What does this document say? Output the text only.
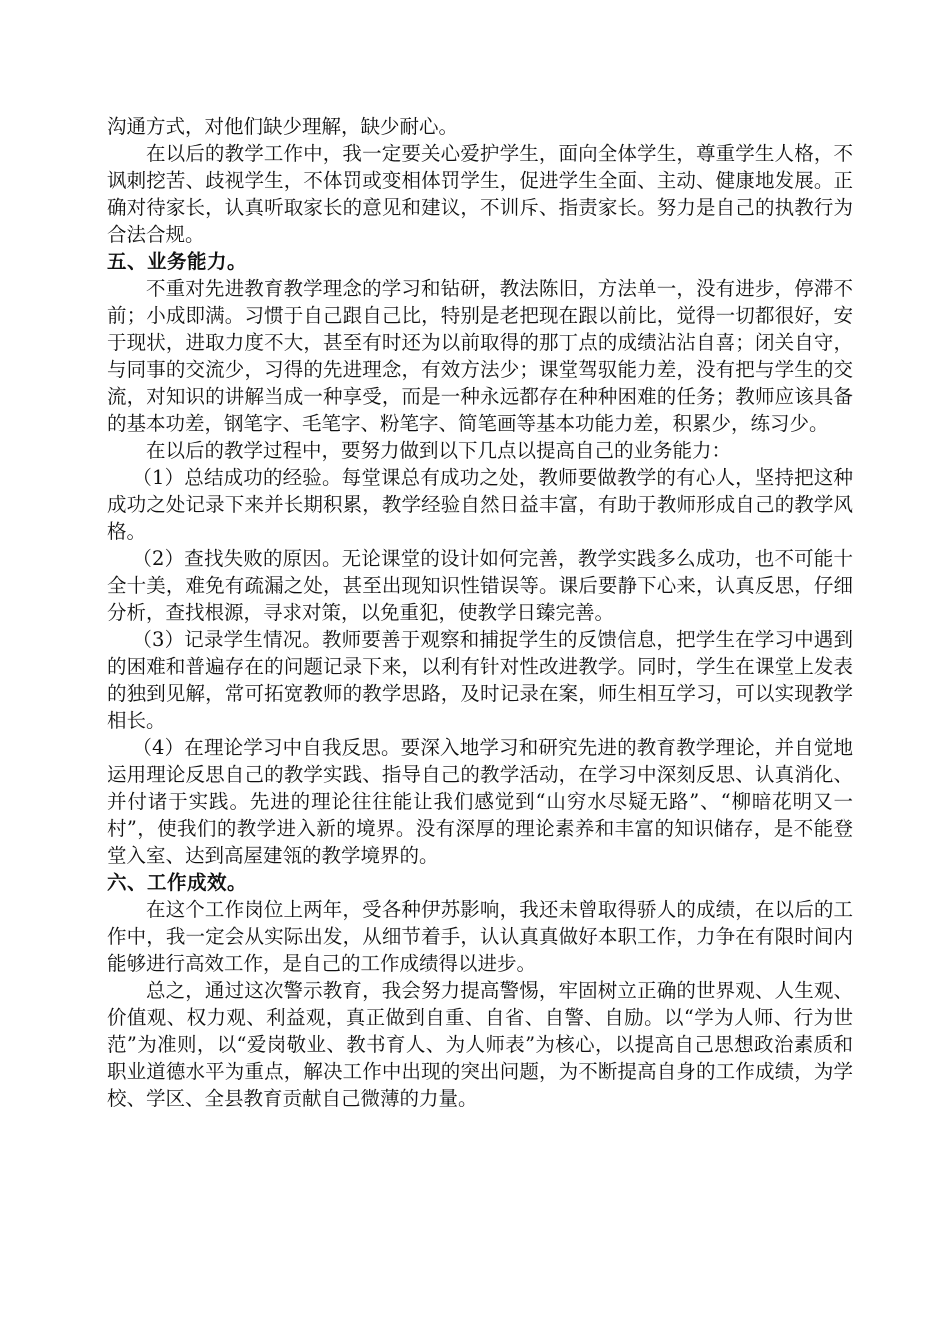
沟通方式，对他们缺少理解，缺少耐心。

在以后的教学工作中，我一定要关心爱护学生，面向全体学生，尊重学生人格，不讽刺挖苦、歧视学生，不体罚或变相体罚学生，促进学生全面、主动、健康地发展。正确对待家长，认真听取家长的意见和建议，不训斥、指责家长。努力是自己的执教行为合法合规。

五、业务能力。

不重对先进教育教学理念的学习和钻研，教法陈旧，方法单一，没有进步，停滞不前；小成即满。习惯于自己跟自己比，特别是老把现在跟以前比，觉得一切都很好，安于现状，进取力度不大，甚至有时还为以前取得的那丁点的成绩沾沾自喜；闭关自守，与同事的交流少，习得的先进理念，有效方法少；课堂驾驭能力差，没有把与学生的交流，对知识的讲解当成一种享受，而是一种永远都存在种种困难的任务；教师应该具备的基本功差，钢笔字、毛笔字、粉笔字、简笔画等基本功能力差，积累少，练习少。

在以后的教学过程中，要努力做到以下几点以提高自己的业务能力：

（1）总结成功的经验。每堂课总有成功之处，教师要做教学的有心人，坚持把这种成功之处记录下来并长期积累，教学经验自然日益丰富，有助于教师形成自己的教学风格。

（2）查找失败的原因。无论课堂的设计如何完善，教学实践多么成功，也不可能十全十美，难免有疏漏之处，甚至出现知识性错误等。课后要静下心来，认真反思，仔细分析，查找根源，寻求对策，以免重犯，使教学日臻完善。

（3）记录学生情况。教师要善于观察和捕捉学生的反馈信息，把学生在学习中遇到的困难和普遍存在的问题记录下来，以利有针对性改进教学。同时，学生在课堂上发表的独到见解，常可拓宽教师的教学思路，及时记录在案，师生相互学习，可以实现教学相长。

（4）在理论学习中自我反思。要深入地学习和研究先进的教育教学理论，并自觉地运用理论反思自己的教学实践、指导自己的教学活动，在学习中深刻反思、认真消化、并付诸于实践。先进的理论往往能让我们感觉到“山穷水尽疑无路”、“柳暗花明又一村”，使我们的教学进入新的境界。没有深厚的理论素养和丰富的知识储存，是不能登堂入室、达到高屋建瓴的教学境界的。

六、工作成效。

在这个工作岗位上两年，受各种伊苏影响，我还未曾取得骄人的成绩，在以后的工作中，我一定会从实际出发，从细节着手，认认真真做好本职工作，力争在有限时间内能够进行高效工作，是自己的工作成绩得以进步。

总之，通过这次警示教育，我会努力提高警惕，牢固树立正确的世界观、人生观、价值观、权力观、利益观，真正做到自重、自省、自警、自励。以“学为人师、行为世范”为准则，以“爱岗敬业、教书育人、为人师表”为核心，以提高自己思想政治素质和职业道德水平为重点，解决工作中出现的突出问题，为不断提高自身的工作成绩，为学校、学区、全县教育贡献自己微薄的力量。
